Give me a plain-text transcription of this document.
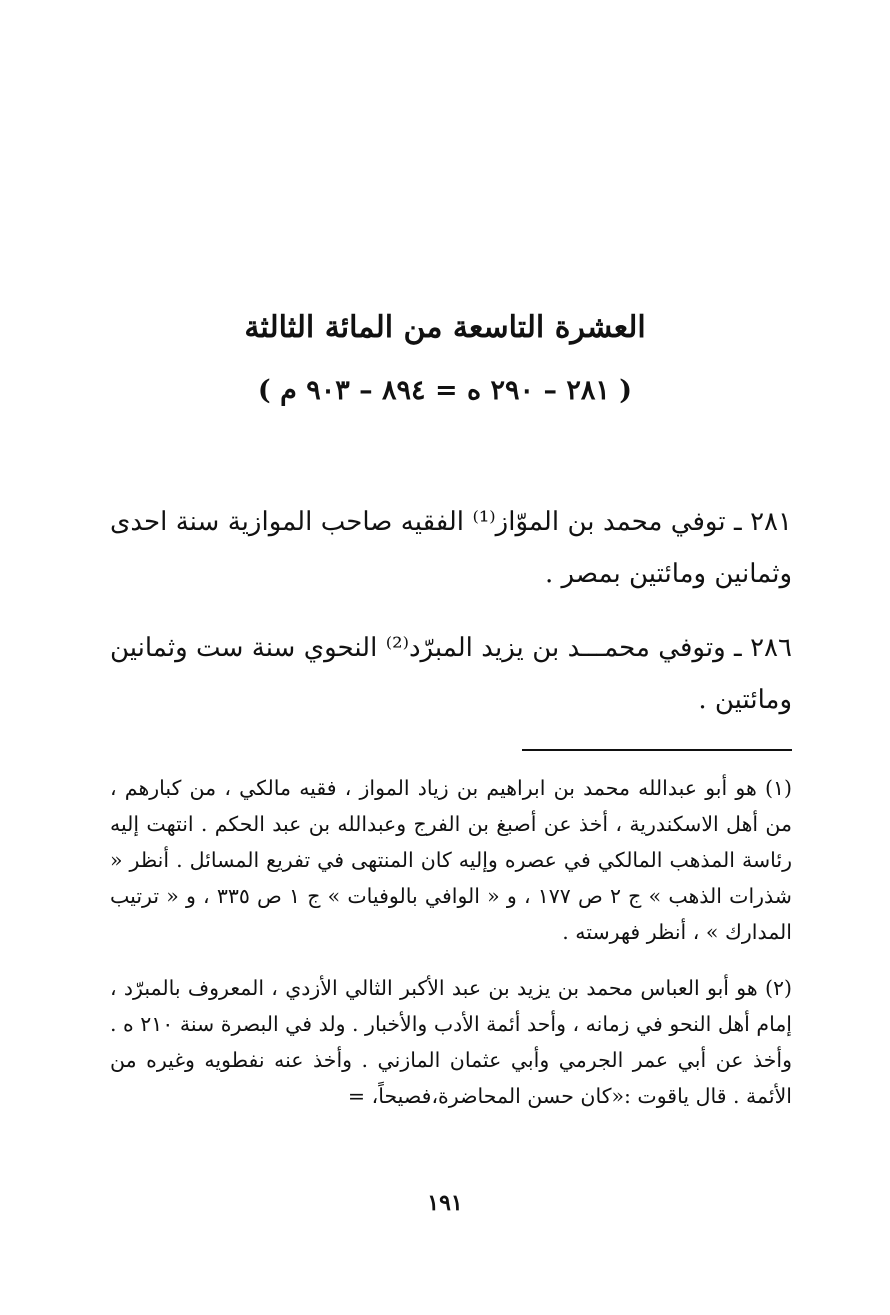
العشرة التاسعة من المائة الثالثة
( ٢٨١ – ٢٩٠ ه = ٨٩٤ – ٩٠٣ م )

٢٨١ ـ توفي محمد بن الموّاز⁽¹⁾ الفقيه صاحب الموازية سنة احدى وثمانين ومائتين بمصر .

٢٨٦ ـ وتوفي محمـــد بن يزيد المبرّد⁽²⁾ النحوي سنة ست وثمانين ومائتين .

(١) هو أبو عبدالله محمد بن ابراهيم بن زياد المواز ، فقيه مالكي ، من كبارهم ، من أهل الاسكندرية ، أخذ عن أصبغ بن الفرج وعبدالله بن عبد الحكم . انتهت إليه رئاسة المذهب المالكي في عصره وإليه كان المنتهى في تفريع المسائل . أنظر « شذرات الذهب » ج ٢ ص ١٧٧ ، و « الوافي بالوفيات » ج ١ ص ٣٣٥ ، و « ترتيب المدارك » ، أنظر فهرسته .

(٢) هو أبو العباس محمد بن يزيد بن عبد الأكبر الثالي الأزدي ، المعروف بالمبرّد ، إمام أهل النحو في زمانه ، وأحد أئمة الأدب والأخبار . ولد في البصرة سنة ٢١٠ ه . وأخذ عن أبي عمر الجرمي وأبي عثمان المازني . وأخذ عنه نفطويه وغيره من الأئمة . قال ياقوت :«كان حسن المحاضرة،فصيحاً، =

١٩١
